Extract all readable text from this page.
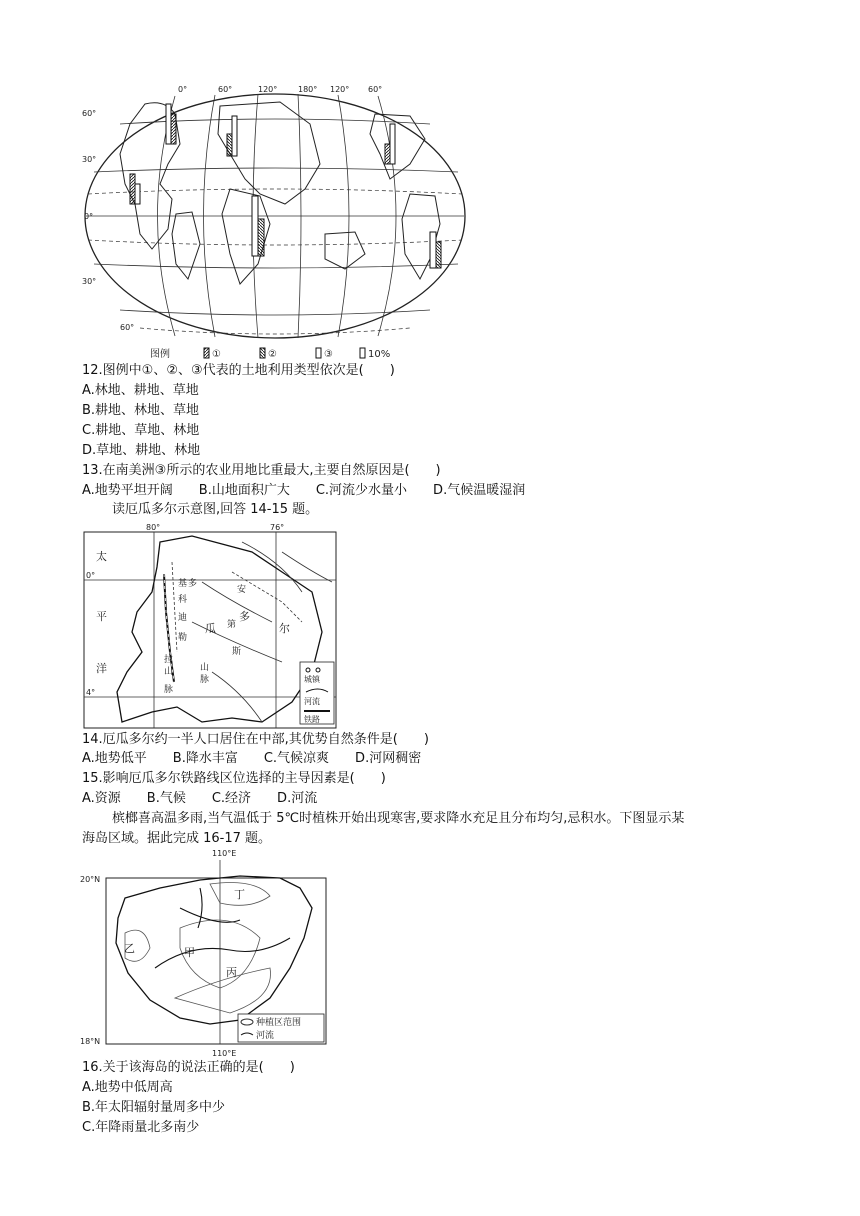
0°	60°	120°	180° 120° 60°
60°
30°
0°
30°
60°
图例	①	②	③	10%
12.图例中①、②、③代表的土地利用类型依次是(　　)
A.林地、耕地、草地
B.耕地、林地、草地
C.耕地、草地、林地
D.草地、耕地、林地
13.在南美洲③所示的农业用地比重最大,主要自然原因是(　　)
A.地势平坦开阔　　B.山地面积广大　　C.河流少水量小　　D.气候温暖湿润
读厄瓜多尔示意图,回答 14-15 题。
80°	76°
0°
4°
太
平
洋
瓜
多
尔
安
第
斯
山
脉
基 多
科
迪
勒
拉
山
脉
城镇
河流
铁路
14.厄瓜多尔约一半人口居住在中部,其优势自然条件是(　　)
A.地势低平　　B.降水丰富　　C.气候凉爽　　D.河网稠密
15.影响厄瓜多尔铁路线区位选择的主导因素是(　　)
A.资源　　B.气候　　C.经济　　D.河流
槟榔喜高温多雨,当气温低于 5℃时植株开始出现寒害,要求降水充足且分布均匀,忌积水。下图显示某
海岛区域。据此完成 16-17 题。
110°E
110°E
20°N
18°N
丁
乙	甲
丙
种植区范围
河流
16.关于该海岛的说法正确的是(　　)
A.地势中低周高
B.年太阳辐射量周多中少
C.年降雨量北多南少
